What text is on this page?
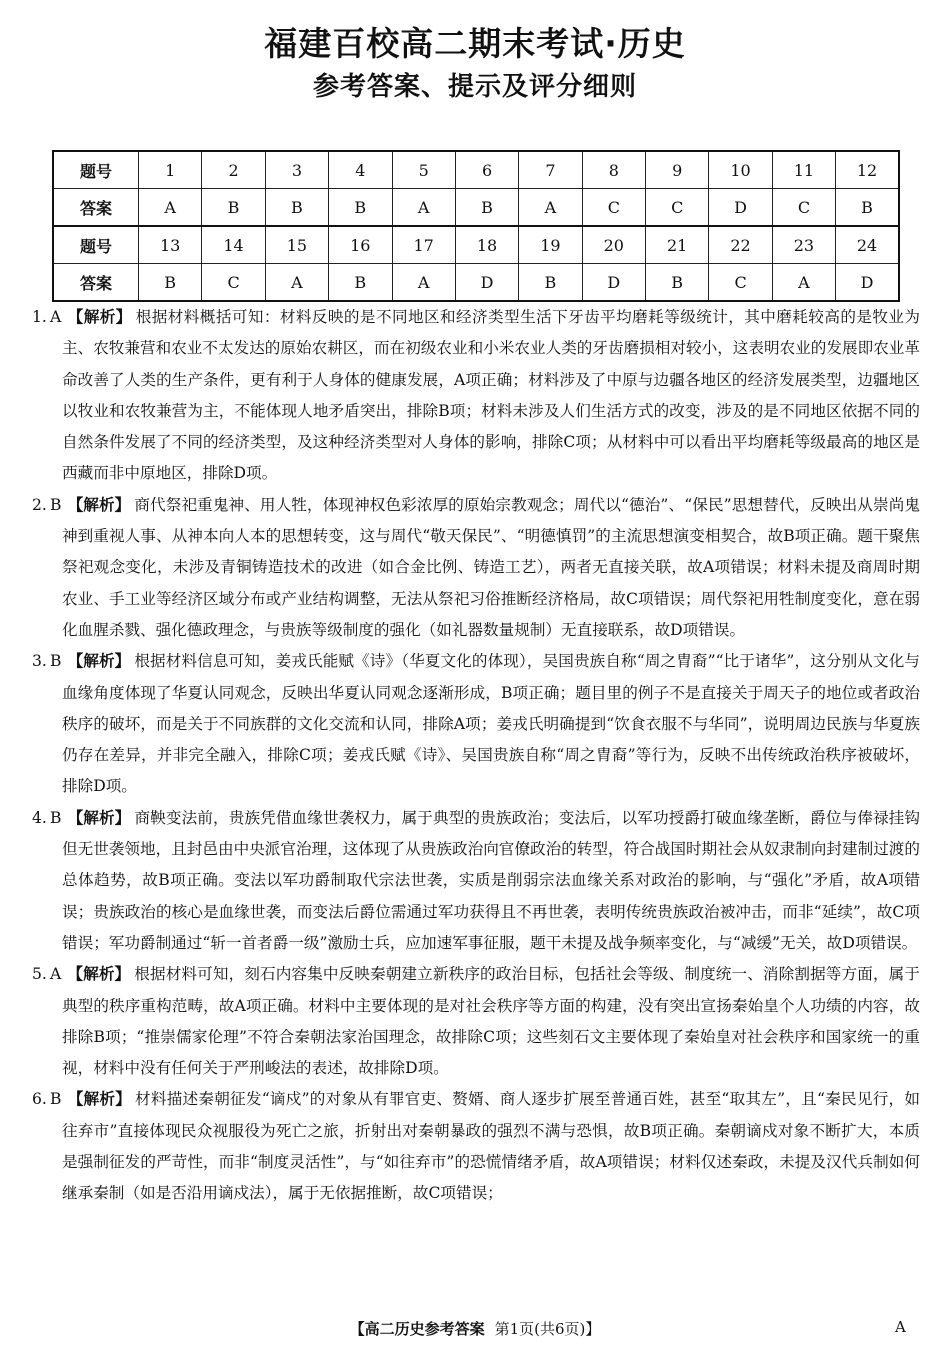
福建百校高二期末考试·历史
参考答案、提示及评分细则
题号	1	2	3	4	5	6	7	8	9	10	11	12
答案	A	B	B	B	A	B	A	C	C	D	C	B
题号	13	14	15	16	17	18	19	20	21	22	23	24
答案	B	C	A	B	A	D	B	D	B	C	A	D

1. A 【解析】 根据材料概括可知：材料反映的是不同地区和经济类型生活下牙齿平均磨耗等级统计，其中磨耗较高的是牧业为主、农牧兼营和农业不太发达的原始农耕区，而在初级农业和小米农业人类的牙齿磨损相对较小，这表明农业的发展即农业革命改善了人类的生产条件，更有利于人身体的健康发展，A项正确；材料涉及了中原与边疆各地区的经济发展类型，边疆地区以牧业和农牧兼营为主，不能体现人地矛盾突出，排除B项；材料未涉及人们生活方式的改变，涉及的是不同地区依据不同的自然条件发展了不同的经济类型，及这种经济类型对人身体的影响，排除C项；从材料中可以看出平均磨耗等级最高的地区是西藏而非中原地区，排除D项。

2. B 【解析】 商代祭祀重鬼神、用人牲，体现神权色彩浓厚的原始宗教观念；周代以“德治”、“保民”思想替代，反映出从崇尚鬼神到重视人事、从神本向人本的思想转变，这与周代“敬天保民”、“明德慎罚”的主流思想演变相契合，故B项正确。题干聚焦祭祀观念变化，未涉及青铜铸造技术的改进（如合金比例、铸造工艺），两者无直接关联，故A项错误；材料未提及商周时期农业、手工业等经济区域分布或产业结构调整，无法从祭祀习俗推断经济格局，故C项错误；周代祭祀用牲制度变化，意在弱化血腥杀戮、强化德政理念，与贵族等级制度的强化（如礼器数量规制）无直接联系，故D项错误。

3. B 【解析】 根据材料信息可知，姜戎氏能赋《诗》（华夏文化的体现），吴国贵族自称“周之胄裔”“比于诸华”，这分别从文化与血缘角度体现了华夏认同观念，反映出华夏认同观念逐渐形成，B项正确；题目里的例子不是直接关于周天子的地位或者政治秩序的破坏，而是关于不同族群的文化交流和认同，排除A项；姜戎氏明确提到“饮食衣服不与华同”，说明周边民族与华夏族仍存在差异，并非完全融入，排除C项；姜戎氏赋《诗》、吴国贵族自称“周之胄裔”等行为，反映不出传统政治秩序被破坏，排除D项。

4. B 【解析】 商鞅变法前，贵族凭借血缘世袭权力，属于典型的贵族政治；变法后，以军功授爵打破血缘垄断，爵位与俸禄挂钩但无世袭领地，且封邑由中央派官治理，这体现了从贵族政治向官僚政治的转型，符合战国时期社会从奴隶制向封建制过渡的总体趋势，故B项正确。变法以军功爵制取代宗法世袭，实质是削弱宗法血缘关系对政治的影响，与“强化”矛盾，故A项错误；贵族政治的核心是血缘世袭，而变法后爵位需通过军功获得且不再世袭，表明传统贵族政治被冲击，而非“延续”，故C项错误；军功爵制通过“斩一首者爵一级”激励士兵，应加速军事征服，题干未提及战争频率变化，与“减缓”无关，故D项错误。

5. A 【解析】 根据材料可知，刻石内容集中反映秦朝建立新秩序的政治目标，包括社会等级、制度统一、消除割据等方面，属于典型的秩序重构范畴，故A项正确。材料中主要体现的是对社会秩序等方面的构建，没有突出宣扬秦始皇个人功绩的内容，故排除B项；“推崇儒家伦理”不符合秦朝法家治国理念，故排除C项；这些刻石文主要体现了秦始皇对社会秩序和国家统一的重视，材料中没有任何关于严刑峻法的表述，故排除D项。

6. B 【解析】 材料描述秦朝征发“谪戍”的对象从有罪官吏、赘婿、商人逐步扩展至普通百姓，甚至“取其左”，且“秦民见行，如往弃市”直接体现民众视服役为死亡之旅，折射出对秦朝暴政的强烈不满与恐惧，故B项正确。秦朝谪戍对象不断扩大，本质是强制征发的严苛性，而非“制度灵活性”，与“如往弃市”的恐慌情绪矛盾，故A项错误；材料仅述秦政，未提及汉代兵制如何继承秦制（如是否沿用谪戍法），属于无依据推断，故C项错误；

【高二历史参考答案 第1页(共6页)】	A
